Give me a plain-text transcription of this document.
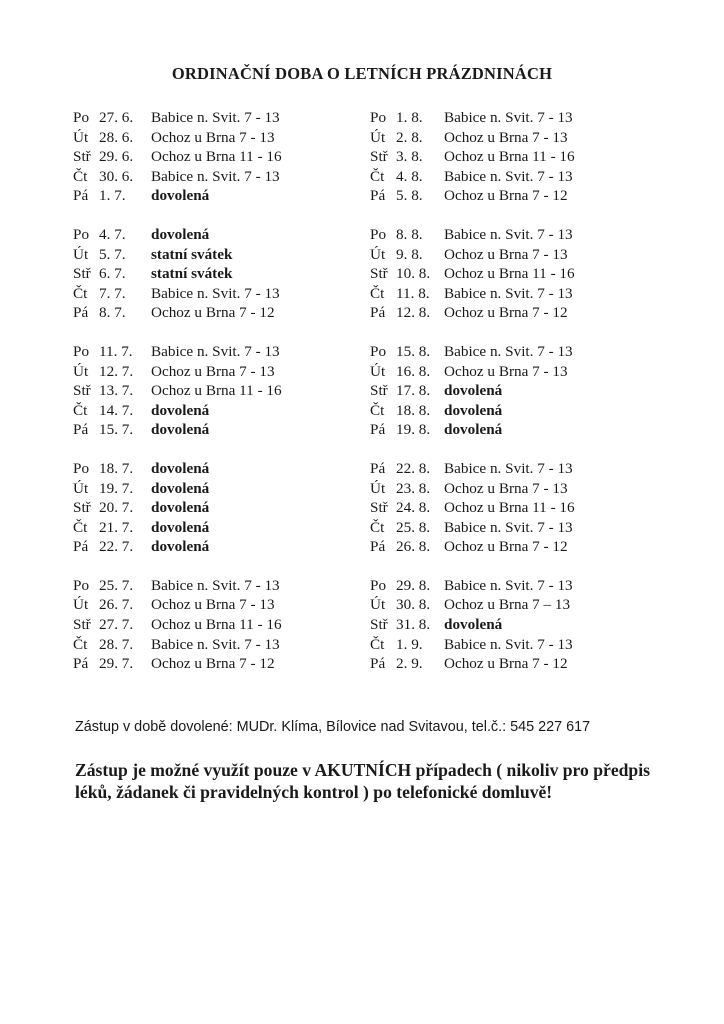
ORDINAČNÍ DOBA O LETNÍCH PRÁZDNINÁCH
Po 27. 6. Babice n. Svit. 7 - 13
Út 28. 6. Ochoz u Brna 7 - 13
Stř 29. 6. Ochoz u Brna 11 - 16
Čt 30. 6. Babice n. Svit. 7 - 13
Pá 1. 7. dovolená
Po 4. 7. dovolená
Út 5. 7. statní svátek
Stř 6. 7. statní svátek
Čt 7. 7. Babice n. Svit. 7 - 13
Pá 8. 7. Ochoz u Brna 7 - 12
Po 11. 7. Babice n. Svit. 7 - 13
Út 12. 7. Ochoz u Brna 7 - 13
Stř 13. 7. Ochoz u Brna 11 - 16
Čt 14. 7. dovolená
Pá 15. 7. dovolená
Po 18. 7. dovolená
Út 19. 7. dovolená
Stř 20. 7. dovolená
Čt 21. 7. dovolená
Pá 22. 7. dovolená
Po 25. 7. Babice n. Svit. 7 - 13
Út 26. 7. Ochoz u Brna 7 - 13
Stř 27. 7. Ochoz u Brna 11 - 16
Čt 28. 7. Babice n. Svit. 7 - 13
Pá 29. 7. Ochoz u Brna 7 - 12
Po 1. 8. Babice n. Svit. 7 - 13
Út 2. 8. Ochoz u Brna 7 - 13
Stř 3. 8. Ochoz u Brna 11 - 16
Čt 4. 8. Babice n. Svit. 7 - 13
Pá 5. 8. Ochoz u Brna 7 - 12
Po 8. 8. Babice n. Svit. 7 - 13
Út 9. 8. Ochoz u Brna 7 - 13
Stř 10. 8. Ochoz u Brna 11 - 16
Čt 11. 8. Babice n. Svit. 7 - 13
Pá 12. 8. Ochoz u Brna 7 - 12
Po 15. 8. Babice n. Svit. 7 - 13
Út 16. 8. Ochoz u Brna 7 - 13
Stř 17. 8. dovolená
Čt 18. 8. dovolená
Pá 19. 8. dovolená
Pá 22. 8. Babice n. Svit. 7 - 13
Út 23. 8. Ochoz u Brna 7 - 13
Stř 24. 8. Ochoz u Brna 11 - 16
Čt 25. 8. Babice n. Svit. 7 - 13
Pá 26. 8. Ochoz u Brna 7 - 12
Po 29. 8. Babice n. Svit. 7 - 13
Út 30. 8. Ochoz u Brna 7 – 13
Stř 31. 8. dovolená
Čt 1. 9. Babice n. Svit. 7 - 13
Pá 2. 9. Ochoz u Brna 7 - 12
Zástup v době dovolené: MUDr. Klíma, Bílovice nad Svitavou, tel.č.: 545 227 617
Zástup je možné využít pouze v AKUTNÍCH případech ( nikoliv pro předpis léků, žádanek či pravidelných kontrol ) po telefonické domluvě!
